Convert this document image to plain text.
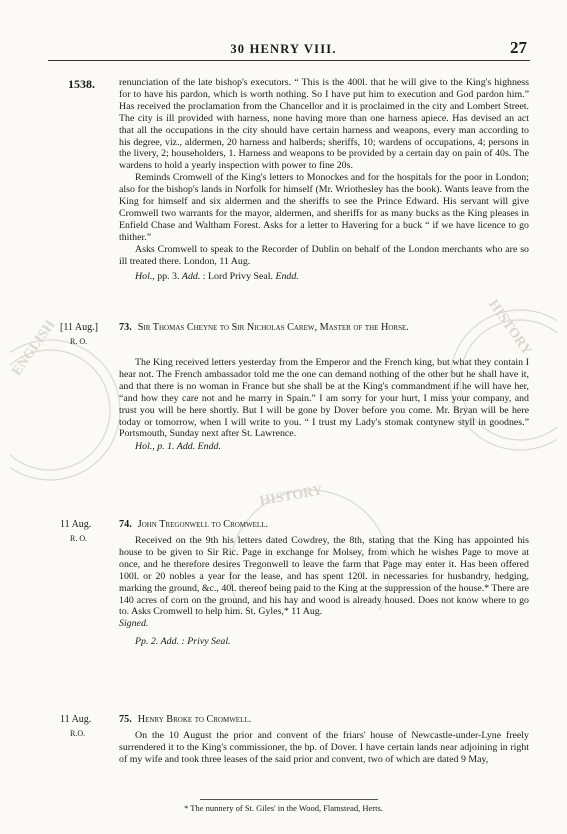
ENGLISH	HISTORY
HISTORY
30 HENRY VIII.	27
1538. renunciation of the late bishop's executors. “ This is the 400l. that he will give to the King's highness for to have his pardon, which is worth nothing. So I have put him to execution and God pardon him.” Has received the proclamation from the Chancellor and it is proclaimed in the city and Lombert Street. The city is ill provided with harness, none having more than one harness apiece. Has devised an act that all the occupations in the city should have certain harness and weapons, every man according to his degree, viz., aldermen, 20 harness and halberds; sheriffs, 10; wardens of occupations, 4; persons in the livery, 2; householders, 1. Harness and weapons to be provided by a certain day on pain of 40s. The wardens to hold a yearly inspection with power to fine 20s.

Reminds Cromwell of the King's letters to Monockes and for the hospitals for the poor in London; also for the bishop's lands in Norfolk for himself (Mr. Wriothesley has the book). Wants leave from the King for himself and six aldermen and the sheriffs to see the Prince Edward. His servant will give Cromwell two warrants for the mayor, aldermen, and sheriffs for as many bucks as the King pleases in Enfield Chase and Waltham Forest. Asks for a letter to Havering for a buck “ if we have licence to go thither.”

Asks Cromwell to speak to the Recorder of Dublin on behalf of the London merchants who are so ill treated there. London, 11 Aug.

Hol., pp. 3. Add. : Lord Privy Seal. Endd.

[11 Aug.]
R. O.
73. Sir Thomas Cheyne to Sir Nicholas Carew, Master of the Horse.

The King received letters yesterday from the Emperor and the French king, but what they contain I hear not. The French ambassador told me the one can demand nothing of the other but he shall have it, and that there is no woman in France but she shall be at the King's commandment if he will have her, “and how they care not and he marry in Spain.” I am sorry for your hurt, I miss your company, and trust you will be here shortly. But I will be gone by Dover before you come. Mr. Bryan will be here today or tomorrow, when I will write to you. “ I trust my Lady's stomak contynew styll in goodnes.” Portsmouth, Sunday next after St. Lawrence.

Hol., p. 1. Add. Endd.

11 Aug.
R. O.
74. John Tregonwell to Cromwell.

Received on the 9th his letters dated Cowdrey, the 8th, stating that the King has appointed his house to be given to Sir Ric. Page in exchange for Molsey, from which he wishes Page to move at once, and he therefore desires Tregonwell to leave the farm that Page may enter it. Has been offered 100l. or 20 nobles a year for the lease, and has spent 120l. in necessaries for husbandry, hedging, marking the ground, &c., 40l. thereof being paid to the King at the suppression of the house.* There are 140 acres of corn on the ground, and his hay and wood is already housed. Does not know where to go to. Asks Cromwell to help him. St. Gyles,* 11 Aug.
Signed.

Pp. 2. Add. : Privy Seal.

11 Aug.
R.O.
75. Henry Broke to Cromwell.

On the 10 August the prior and convent of the friars' house of Newcastle-under-Lyne freely surrendered it to the King's commissioner, the bp. of Dover. I have certain lands near adjoining in right of my wife and took three leases of the said prior and convent, two of which are dated 9 May,

* The nunnery of St. Giles' in the Wood, Flamstead, Herts.
